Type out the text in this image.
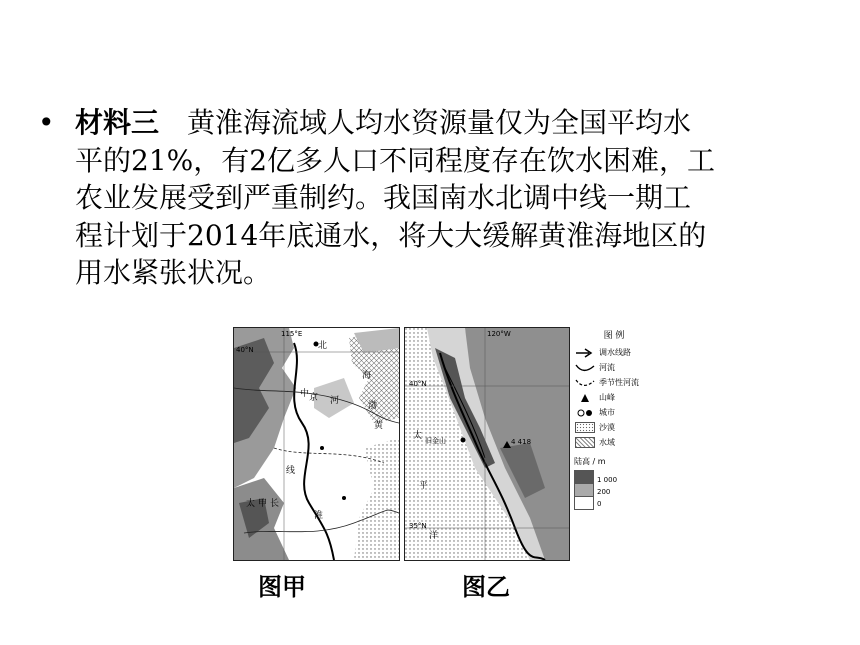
• 材料三　黄淮海流域人均水资源量仅为全国平均水
平的21%，有2亿多人口不同程度存在饮水困难，工
农业发展受到严重制约。我国南水北调中线一期工
程计划于2014年底通水，将大大缓解黄淮海地区的
用水紧张状况。
115°E
40°N	北
京
海
中
河	渤
黄
线
淮
太 甲 长
120°W
40°N
35°N
4 418
旧金山
太
平
洋
图 例
调水线路
河流
季节性河流
山峰
城市
沙漠
水域
陆高 / m
1 000
200
0
图甲	图乙
